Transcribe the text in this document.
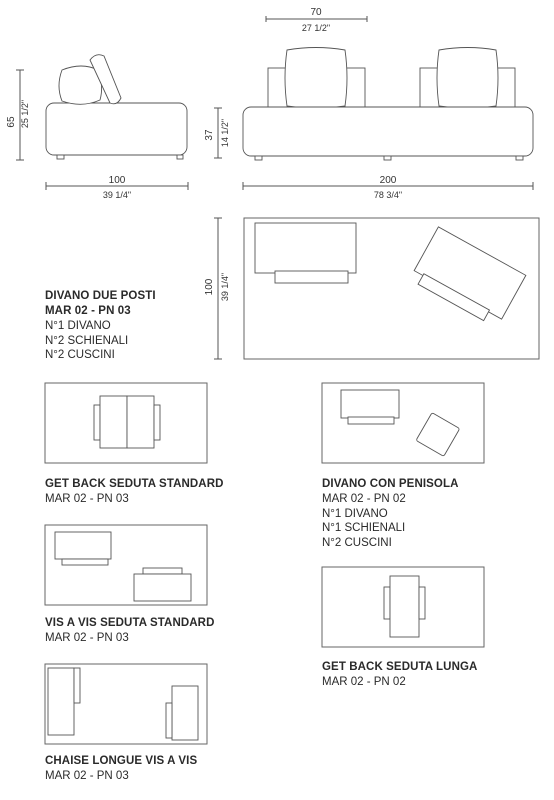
65 25 1/2"
100
39 1/4"
70
27 1/2"
37 14 1/2"
200
78 3/4"
100 39 1/4"
DIVANO DUE POSTI
MAR 02 - PN 03
N°1 DIVANO
N°2 SCHIENALI
N°2 CUSCINI
GET BACK SEDUTA STANDARD
MAR 02 - PN 03
DIVANO CON PENISOLA
MAR 02 - PN 02
N°1 DIVANO
N°1 SCHIENALI
N°2 CUSCINI
VIS A VIS SEDUTA STANDARD
MAR 02 - PN 03
GET BACK SEDUTA LUNGA
MAR 02 - PN 02
CHAISE LONGUE VIS A VIS
MAR 02 - PN 03
